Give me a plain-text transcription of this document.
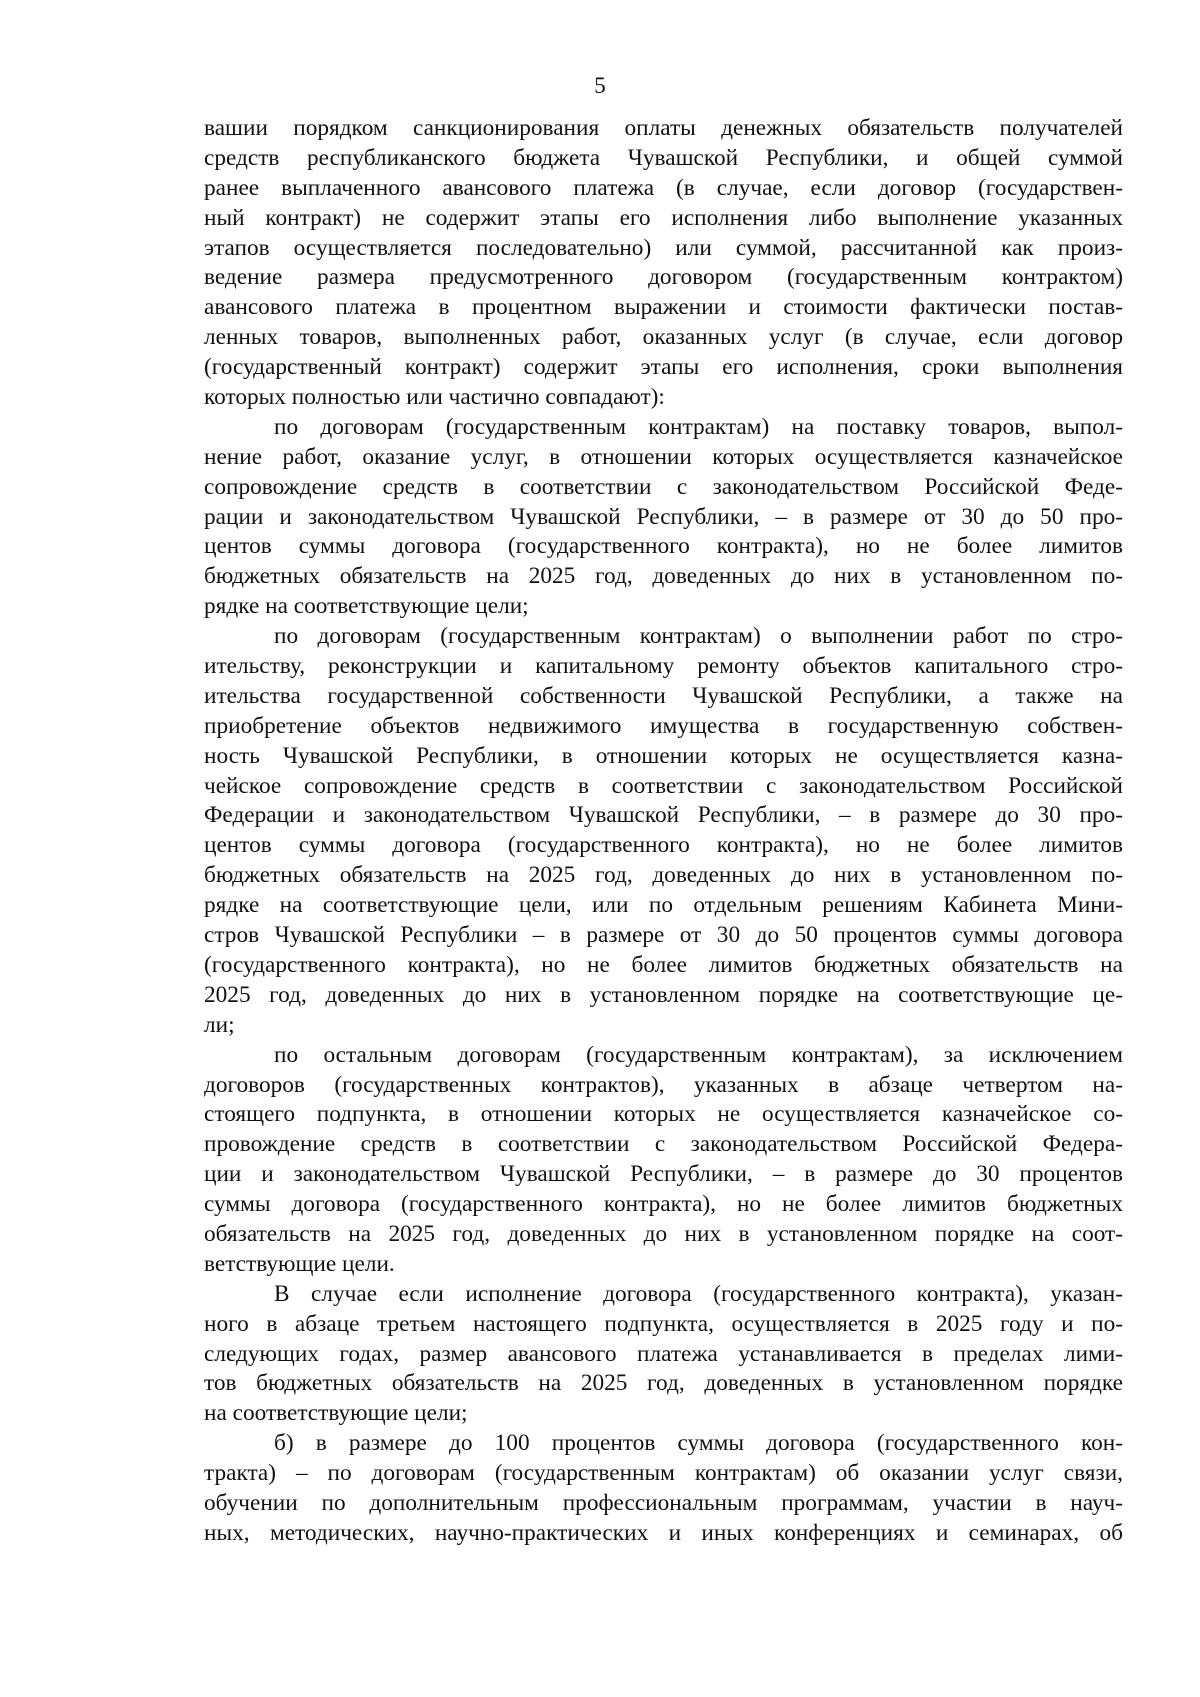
5
вашии порядком санкционирования оплаты денежных обязательств получателей
средств республиканского бюджета Чувашской Республики, и общей суммой
ранее выплаченного авансового платежа (в случае, если договор (государствен-
ный контракт) не содержит этапы его исполнения либо выполнение указанных
этапов осуществляется последовательно) или суммой, рассчитанной как произ-
ведение размера предусмотренного договором (государственным контрактом)
авансового платежа в процентном выражении и стоимости фактически постав-
ленных товаров, выполненных работ, оказанных услуг (в случае, если договор
(государственный контракт) содержит этапы его исполнения, сроки выполнения
которых полностью или частично совпадают):
по договорам (государственным контрактам) на поставку товаров, выпол-
нение работ, оказание услуг, в отношении которых осуществляется казначейское
сопровождение средств в соответствии с законодательством Российской Феде-
рации и законодательством Чувашской Республики, – в размере от 30 до 50 про-
центов суммы договора (государственного контракта), но не более лимитов
бюджетных обязательств на 2025 год, доведенных до них в установленном по-
рядке на соответствующие цели;
по договорам (государственным контрактам) о выполнении работ по стро-
ительству, реконструкции и капитальному ремонту объектов капитального стро-
ительства государственной собственности Чувашской Республики, а также на
приобретение объектов недвижимого имущества в государственную собствен-
ность Чувашской Республики, в отношении которых не осуществляется казна-
чейское сопровождение средств в соответствии с законодательством Российской
Федерации и законодательством Чувашской Республики, – в размере до 30 про-
центов суммы договора (государственного контракта), но не более лимитов
бюджетных обязательств на 2025 год, доведенных до них в установленном по-
рядке на соответствующие цели, или по отдельным решениям Кабинета Мини-
стров Чувашской Республики – в размере от 30 до 50 процентов суммы договора
(государственного контракта), но не более лимитов бюджетных обязательств на
2025 год, доведенных до них в установленном порядке на соответствующие це-
ли;
по остальным договорам (государственным контрактам), за исключением
договоров (государственных контрактов), указанных в абзаце четвертом на-
стоящего подпункта, в отношении которых не осуществляется казначейское со-
провождение средств в соответствии с законодательством Российской Федера-
ции и законодательством Чувашской Республики, – в размере до 30 процентов
суммы договора (государственного контракта), но не более лимитов бюджетных
обязательств на 2025 год, доведенных до них в установленном порядке на соот-
ветствующие цели.
В случае если исполнение договора (государственного контракта), указан-
ного в абзаце третьем настоящего подпункта, осуществляется в 2025 году и по-
следующих годах, размер авансового платежа устанавливается в пределах лими-
тов бюджетных обязательств на 2025 год, доведенных в установленном порядке
на соответствующие цели;
б) в размере до 100 процентов суммы договора (государственного кон-
тракта) – по договорам (государственным контрактам) об оказании услуг связи,
обучении по дополнительным профессиональным программам, участии в науч-
ных, методических, научно-практических и иных конференциях и семинарах, об
